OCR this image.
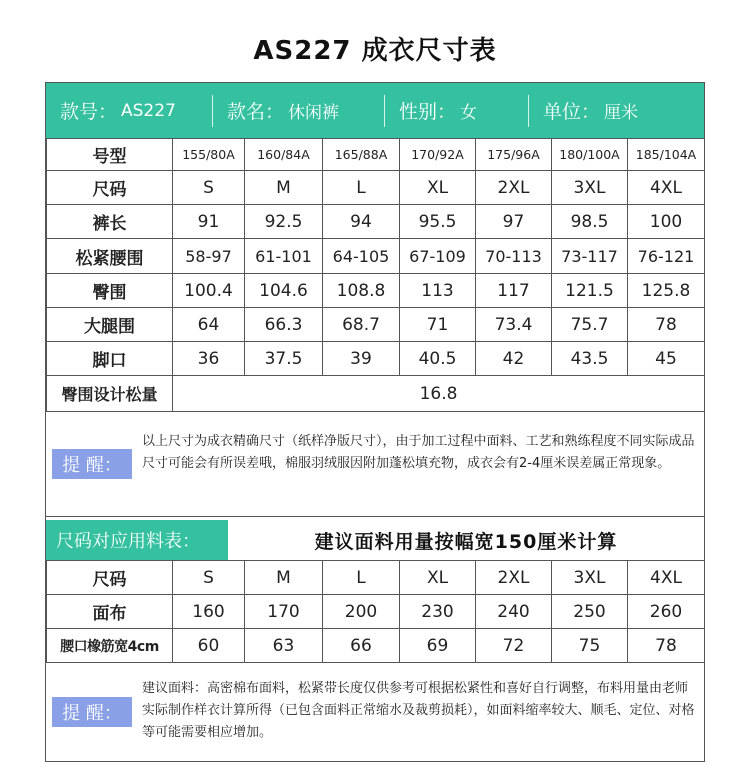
AS227 成衣尺寸表
款号： AS227	款名： 休闲裤	性别： 女	单位： 厘米
号型	155/80A	160/84A	165/88A	170/92A	175/96A	180/100A	185/104A
尺码	S	M	L	XL	2XL	3XL	4XL
裤长	91	92.5	94	95.5	97	98.5	100
松紧腰围	58-97	61-101	64-105	67-109	70-113	73-117	76-121
臀围	100.4	104.6	108.8	113	117	121.5	125.8
大腿围	64	66.3	68.7	71	73.4	75.7	78
脚口	36	37.5	39	40.5	42	43.5	45
臀围设计松量	16.8						
提 醒：
以上尺寸为成衣精确尺寸（纸样净版尺寸），由于加工过程中面料、工艺和熟练程度不同实际成品尺寸可能会有所误差哦，棉服羽绒服因附加蓬松填充物，成衣会有2-4厘米误差属正常现象。
尺码对应用料表：	建议面料用量按幅宽150厘米计算
尺码	S	M	L	XL	2XL	3XL	4XL
面布	160	170	200	230	240	250	260
腰口橡筋宽4cm	60	63	66	69	72	75	78
提 醒：
建议面料：高密棉布面料，松紧带长度仅供参考可根据松紧性和喜好自行调整，布料用量由老师实际制作样衣计算所得（已包含面料正常缩水及裁剪损耗），如面料缩率较大、顺毛、定位、对格等可能需要相应增加。
